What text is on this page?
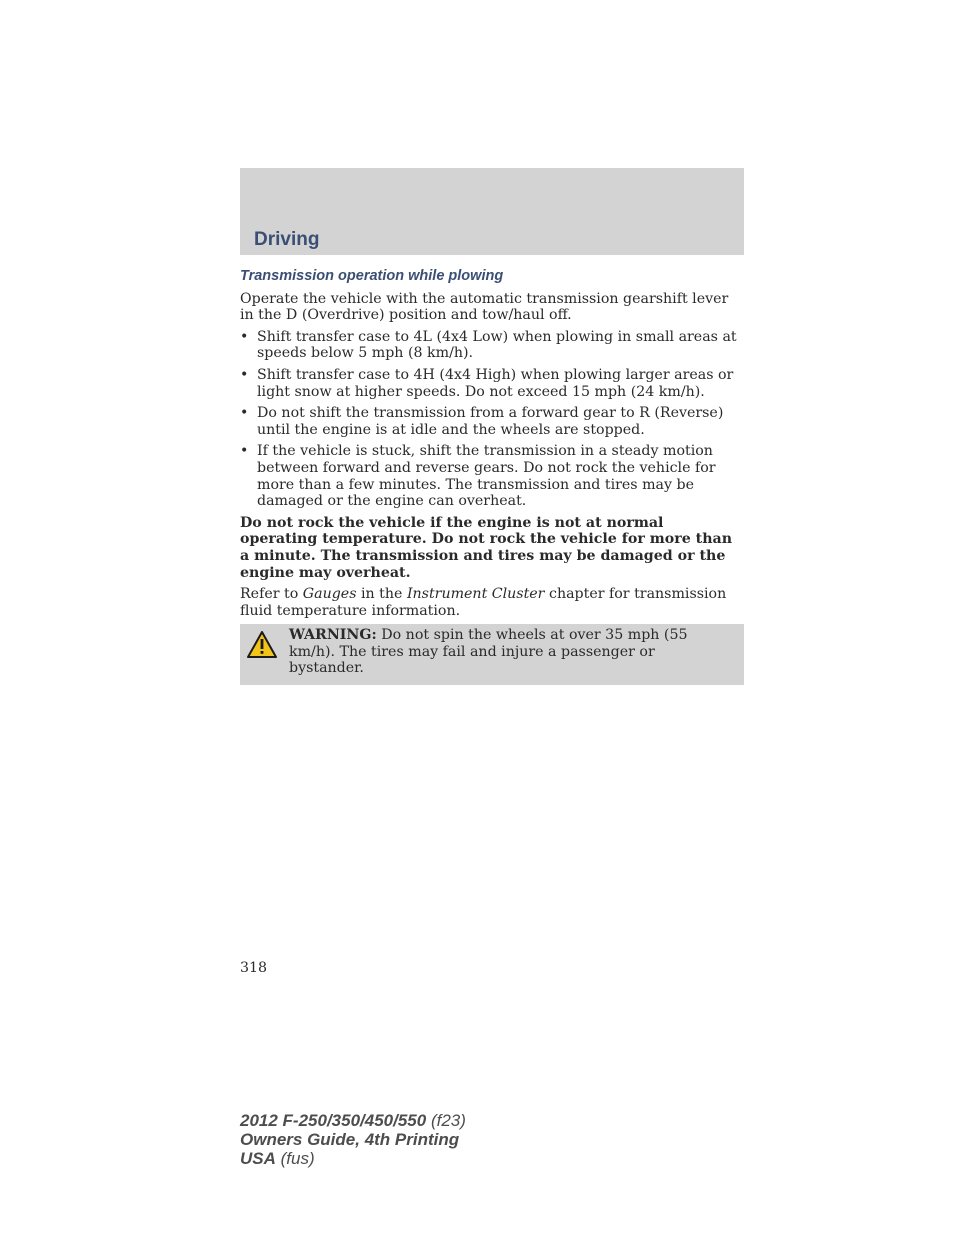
Driving
Transmission operation while plowing

Operate the vehicle with the automatic transmission gearshift lever in the D (Overdrive) position and tow/haul off.

• Shift transfer case to 4L (4x4 Low) when plowing in small areas at speeds below 5 mph (8 km/h).
• Shift transfer case to 4H (4x4 High) when plowing larger areas or light snow at higher speeds. Do not exceed 15 mph (24 km/h).
• Do not shift the transmission from a forward gear to R (Reverse) until the engine is at idle and the wheels are stopped.
• If the vehicle is stuck, shift the transmission in a steady motion between forward and reverse gears. Do not rock the vehicle for more than a few minutes. The transmission and tires may be damaged or the engine can overheat.

Do not rock the vehicle if the engine is not at normal operating temperature. Do not rock the vehicle for more than a minute. The transmission and tires may be damaged or the engine may overheat.

Refer to Gauges in the Instrument Cluster chapter for transmission fluid temperature information.

WARNING: Do not spin the wheels at over 35 mph (55 km/h). The tires may fail and injure a passenger or bystander.
318
2012 F-250/350/450/550 (f23)
Owners Guide, 4th Printing
USA (fus)
